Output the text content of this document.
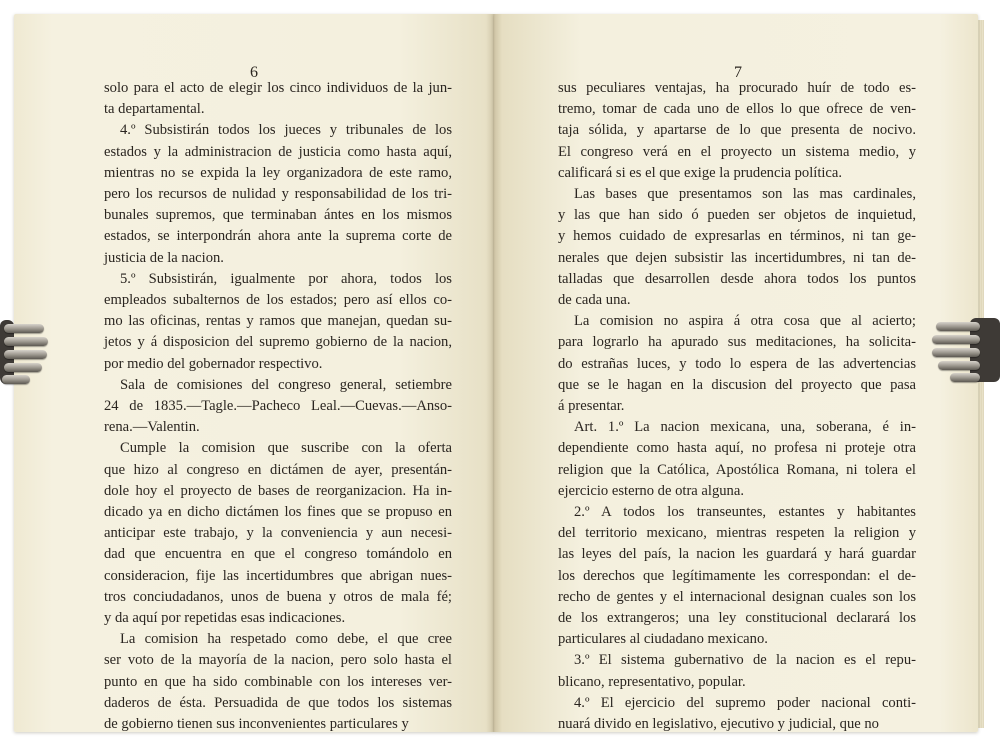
6
solo para el acto de elegir los cinco individuos de la jun-
ta departamental.
4.º Subsistirán todos los jueces y tribunales de los
estados y la administracion de justicia como hasta aquí,
mientras no se expida la ley organizadora de este ramo,
pero los recursos de nulidad y responsabilidad de los tri-
bunales supremos, que terminaban ántes en los mismos
estados, se interpondrán ahora ante la suprema corte de
justicia de la nacion.
5.º Subsistirán, igualmente por ahora, todos los
empleados subalternos de los estados; pero así ellos co-
mo las oficinas, rentas y ramos que manejan, quedan su-
jetos y á disposicion del supremo gobierno de la nacion,
por medio del gobernador respectivo.
Sala de comisiones del congreso general, setiembre
24 de 1835.—Tagle.—Pacheco Leal.—Cuevas.—Anso-
rena.—Valentin.
Cumple la comision que suscribe con la oferta
que hizo al congreso en dictámen de ayer, presentán-
dole hoy el proyecto de bases de reorganizacion. Ha in-
dicado ya en dicho dictámen los fines que se propuso en
anticipar este trabajo, y la conveniencia y aun necesi-
dad que encuentra en que el congreso tomándolo en
consideracion, fije las incertidumbres que abrigan nues-
tros conciudadanos, unos de buena y otros de mala fé;
y da aquí por repetidas esas indicaciones.
La comision ha respetado como debe, el que cree
ser voto de la mayoría de la nacion, pero solo hasta el
punto en que ha sido combinable con los intereses ver-
daderos de ésta. Persuadida de que todos los sistemas
de gobierno tienen sus inconvenientes particulares y
7
sus peculiares ventajas, ha procurado huír de todo es-
tremo, tomar de cada uno de ellos lo que ofrece de ven-
taja sólida, y apartarse de lo que presenta de nocivo.
El congreso verá en el proyecto un sistema medio, y
calificará si es el que exige la prudencia política.
Las bases que presentamos son las mas cardinales,
y las que han sido ó pueden ser objetos de inquietud,
y hemos cuidado de expresarlas en términos, ni tan ge-
nerales que dejen subsistir las incertidumbres, ni tan de-
talladas que desarrollen desde ahora todos los puntos
de cada una.
La comision no aspira á otra cosa que al acierto;
para lograrlo ha apurado sus meditaciones, ha solicita-
do estrañas luces, y todo lo espera de las advertencias
que se le hagan en la discusion del proyecto que pasa
á presentar.
Art. 1.º La nacion mexicana, una, soberana, é in-
dependiente como hasta aquí, no profesa ni proteje otra
religion que la Católica, Apostólica Romana, ni tolera el
ejercicio esterno de otra alguna.
2.º A todos los transeuntes, estantes y habitantes
del territorio mexicano, mientras respeten la religion y
las leyes del país, la nacion les guardará y hará guardar
los derechos que legítimamente les correspondan: el de-
recho de gentes y el internacional designan cuales son los
de los extrangeros; una ley constitucional declarará los
particulares al ciudadano mexicano.
3.º El sistema gubernativo de la nacion es el repu-
blicano, representativo, popular.
4.º El ejercicio del supremo poder nacional conti-
nuará divido en legislativo, ejecutivo y judicial, que no
